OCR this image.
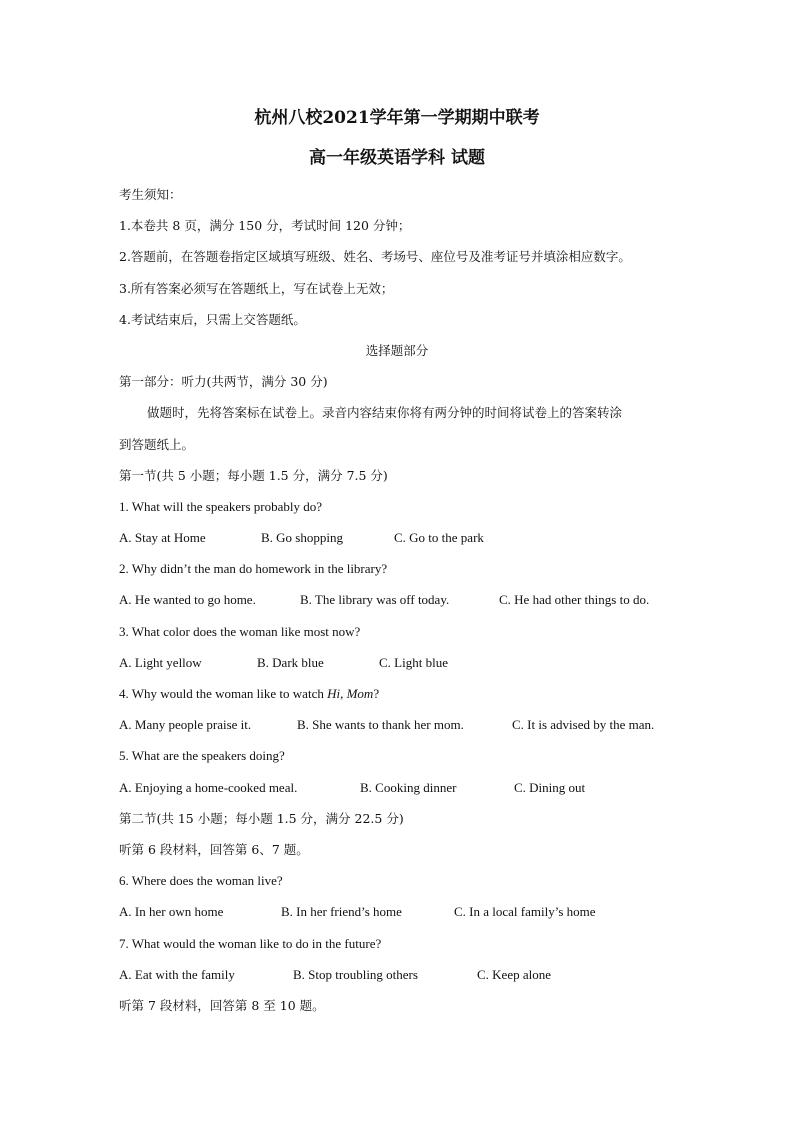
杭州八校2021学年第一学期期中联考
高一年级英语学科 试题
考生须知：
1.本卷共 8 页，满分 150 分，考试时间 120 分钟；
2.答题前，在答题卷指定区域填写班级、姓名、考场号、座位号及准考证号并填涂相应数字。
3.所有答案必须写在答题纸上，写在试卷上无效；
4.考试结束后，只需上交答题纸。
选择题部分
第一部分：听力(共两节，满分 30 分)
做题时，先将答案标在试卷上。录音内容结束你将有两分钟的时间将试卷上的答案转涂
到答题纸上。
第一节(共 5 小题；每小题 1.5 分，满分 7.5 分)
1. What will the speakers probably do?
A. Stay at Home	B. Go shopping	C. Go to the park
2. Why didn’t the man do homework in the library?
A. He wanted to go home.	B. The library was off today.	C. He had other things to do.
3. What color does the woman like most now?
A. Light yellow	B. Dark blue	C. Light blue
4. Why would the woman like to watch Hi, Mom?
A. Many people praise it.	B. She wants to thank her mom.	C. It is advised by the man.
5. What are the speakers doing?
A. Enjoying a home-cooked meal.	B. Cooking dinner	C. Dining out
第二节(共 15 小题；每小题 1.5 分，满分 22.5 分)
听第 6 段材料，回答第 6、7 题。
6. Where does the woman live?
A. In her own home	B. In her friend’s home	C. In a local family’s home
7. What would the woman like to do in the future?
A. Eat with the family	B. Stop troubling others	C. Keep alone
听第 7 段材料，回答第 8 至 10 题。
